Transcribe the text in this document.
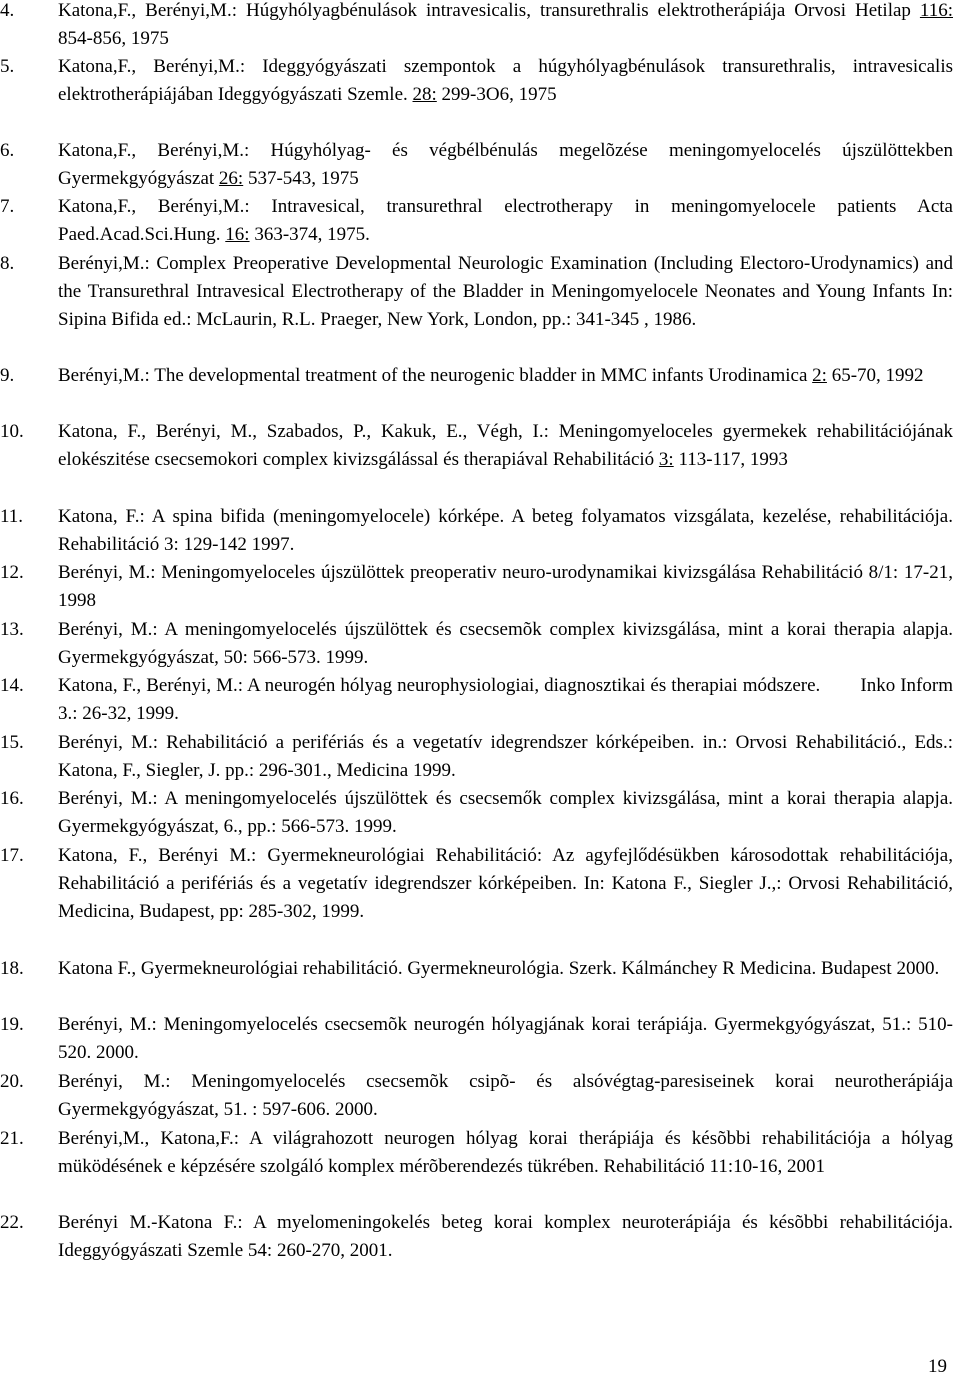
4. Katona,F., Berényi,M.: Húgyhólyagbénulások intravesicalis, transurethralis elektrotherápiája Orvosi Hetilap 116: 854-856, 1975
5. Katona,F., Berényi,M.: Ideggyógyászati szempontok a húgyhólyagbénulások transurethralis, intravesicalis elektrotherápiájában Ideggyógyászati Szemle. 28: 299-3O6, 1975
6. Katona,F., Berényi,M.: Húgyhólyag- és végbélbénulás megelõzése meningomyelocelés újszülöttekben Gyermekgyógyászat 26: 537-543, 1975
7. Katona,F., Berényi,M.: Intravesical, transurethral electrotherapy in meningomyelocele patients Acta Paed.Acad.Sci.Hung. 16: 363-374, 1975.
8. Berényi,M.: Complex Preoperative Developmental Neurologic Examination (Including Electoro-Urodynamics) and the Transurethral Intravesical Electrotherapy of the Bladder in Meningomyelocele Neonates and Young Infants In: Sipina Bifida ed.: McLaurin, R.L. Praeger, New York, London, pp.: 341-345 , 1986.
9. Berényi,M.: The developmental treatment of the neurogenic bladder in MMC infants Urodinamica 2: 65-70, 1992
10. Katona, F., Berényi, M., Szabados, P., Kakuk, E., Végh, I.: Meningomyeloceles gyermekek rehabilitációjának elokészitése csecsemokori complex kivizsgálással és therapiával Rehabilitáció 3: 113-117, 1993
11. Katona, F.: A spina bifida (meningomyelocele) kórképe. A beteg folyamatos vizsgálata, kezelése, rehabilitációja. Rehabilitáció 3: 129-142 1997.
12. Berényi, M.: Meningomyeloceles újszülöttek preoperativ neuro-urodynamikai kivizsgálása Rehabilitáció 8/1: 17-21, 1998
13. Berényi, M.: A meningomyelocelés újszülöttek és csecsemõk complex kivizsgálása, mint a korai therapia alapja. Gyermekgyógyászat, 50: 566-573. 1999.
14. Katona, F., Berényi, M.: A neurogén hólyag neurophysiologiai, diagnosztikai és therapiai módszere.        Inko Inform 3.: 26-32, 1999.
15. Berényi, M.: Rehabilitáció a perifériás és a vegetatív idegrendszer kórképeiben. in.: Orvosi Rehabilitáció., Eds.: Katona, F., Siegler, J. pp.: 296-301., Medicina 1999.
16. Berényi, M.: A meningomyelocelés újszülöttek és csecsemők complex kivizsgálása, mint a korai therapia alapja. Gyermekgyógyászat, 6., pp.: 566-573. 1999.
17. Katona, F., Berényi M.: Gyermekneurológiai Rehabilitáció: Az agyfejlődésükben károsodottak rehabilitációja, Rehabilitáció a perifériás és a vegetatív idegrendszer kórképeiben. In: Katona F., Siegler J.,: Orvosi Rehabilitáció, Medicina, Budapest, pp: 285-302, 1999.
18. Katona F., Gyermekneurológiai rehabilitáció. Gyermekneurológia. Szerk. Kálmánchey R Medicina. Budapest 2000.
19. Berényi, M.: Meningomyelocelés csecsemõk neurogén hólyagjának korai terápiája. Gyermekgyógyászat, 51.: 510-520. 2000.
20. Berényi, M.: Meningomyelocelés csecsemõk csipõ- és alsóvégtag-paresiseinek korai neurotherápiája Gyermekgyógyászat, 51. : 597-606. 2000.
21. Berényi,M., Katona,F.: A világrahozott neurogen hólyag korai therápiája és késõbbi rehabilitációja a hólyag müködésének e képzésére szolgáló komplex mérõberendezés tükrében. Rehabilitáció 11:10-16, 2001
22. Berényi M.-Katona F.: A myelomeningokelés beteg korai komplex neuroterápiája és késõbbi rehabilitációja. Ideggyógyászati Szemle 54: 260-270, 2001.
19
